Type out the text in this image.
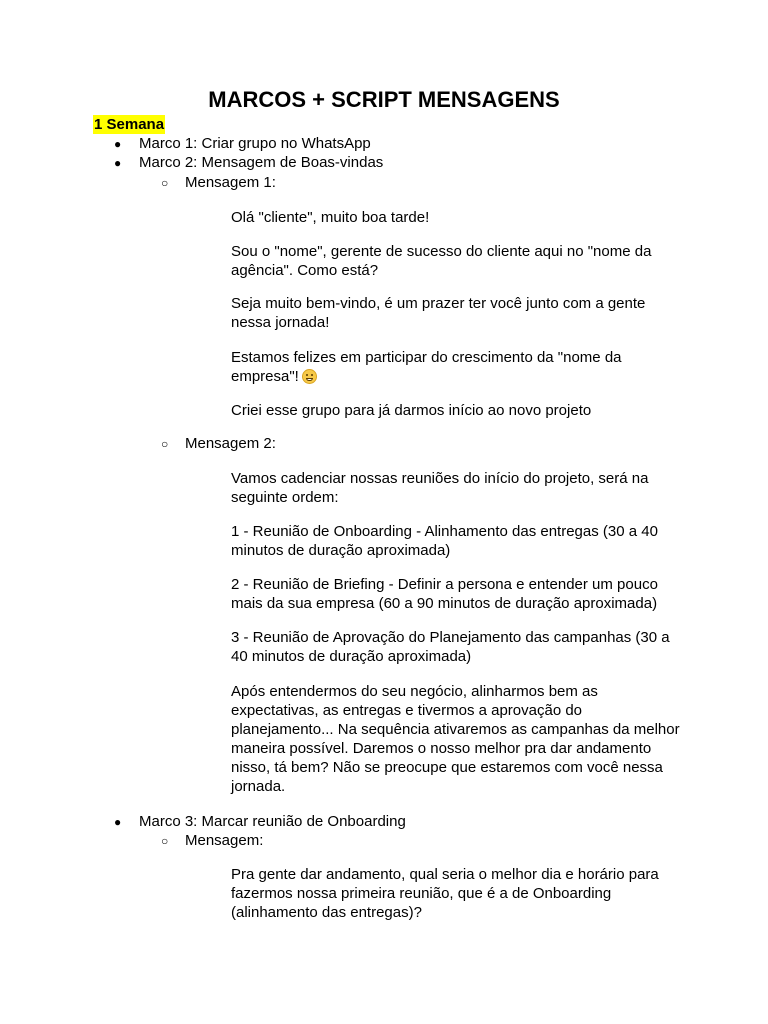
MARCOS + SCRIPT MENSAGENS
1 Semana
● Marco 1: Criar grupo no WhatsApp
● Marco 2: Mensagem de Boas-vindas
○ Mensagem 1:
Olá "cliente", muito boa tarde!
Sou o "nome", gerente de sucesso do cliente aqui no "nome da agência". Como está?
Seja muito bem-vindo, é um prazer ter você junto com a gente nessa jornada!
Estamos felizes em participar do crescimento da "nome da empresa"!
Criei esse grupo para já darmos início ao novo projeto
○ Mensagem 2:
Vamos cadenciar nossas reuniões do início do projeto, será na seguinte ordem:
1 - Reunião de Onboarding - Alinhamento das entregas (30 a 40 minutos de duração aproximada)
2 - Reunião de Briefing - Definir a persona e entender um pouco mais da sua empresa (60 a 90 minutos de duração aproximada)
3 - Reunião de Aprovação do Planejamento das campanhas (30 a 40 minutos de duração aproximada)
Após entendermos do seu negócio, alinharmos bem as expectativas, as entregas e tivermos a aprovação do planejamento... Na sequência ativaremos as campanhas da melhor maneira possível. Daremos o nosso melhor pra dar andamento nisso, tá bem? Não se preocupe que estaremos com você nessa jornada.
● Marco 3: Marcar reunião de Onboarding
○ Mensagem:
Pra gente dar andamento, qual seria o melhor dia e horário para fazermos nossa primeira reunião, que é a de Onboarding (alinhamento das entregas)?
